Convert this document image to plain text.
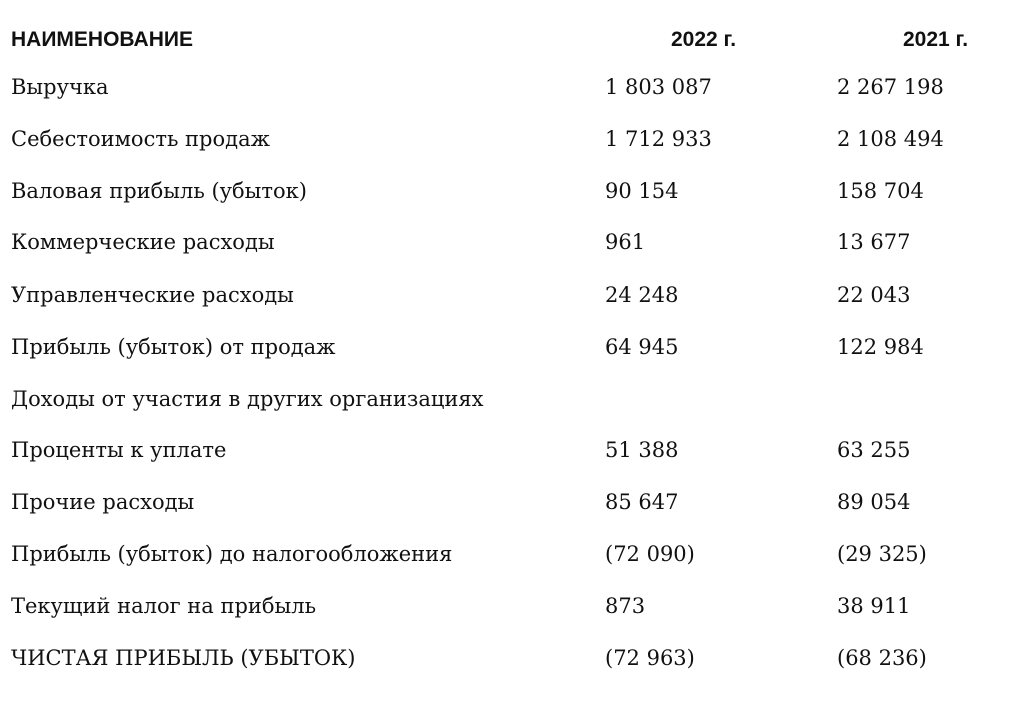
НАИМЕНОВАНИЕ	2022 г.	2021 г.
Выручка	1 803 087	2 267 198
Себестоимость продаж	1 712 933	2 108 494
Валовая прибыль (убыток)	90 154	158 704
Коммерческие расходы	961	13 677
Управленческие расходы	24 248	22 043
Прибыль (убыток) от продаж	64 945	122 984
Доходы от участия в других организациях
Проценты к уплате	51 388	63 255
Прочие расходы	85 647	89 054
Прибыль (убыток) до налогообложения	(72 090)	(29 325)
Текущий налог на прибыль	873	38 911
ЧИСТАЯ ПРИБЫЛЬ (УБЫТОК)	(72 963)	(68 236)
